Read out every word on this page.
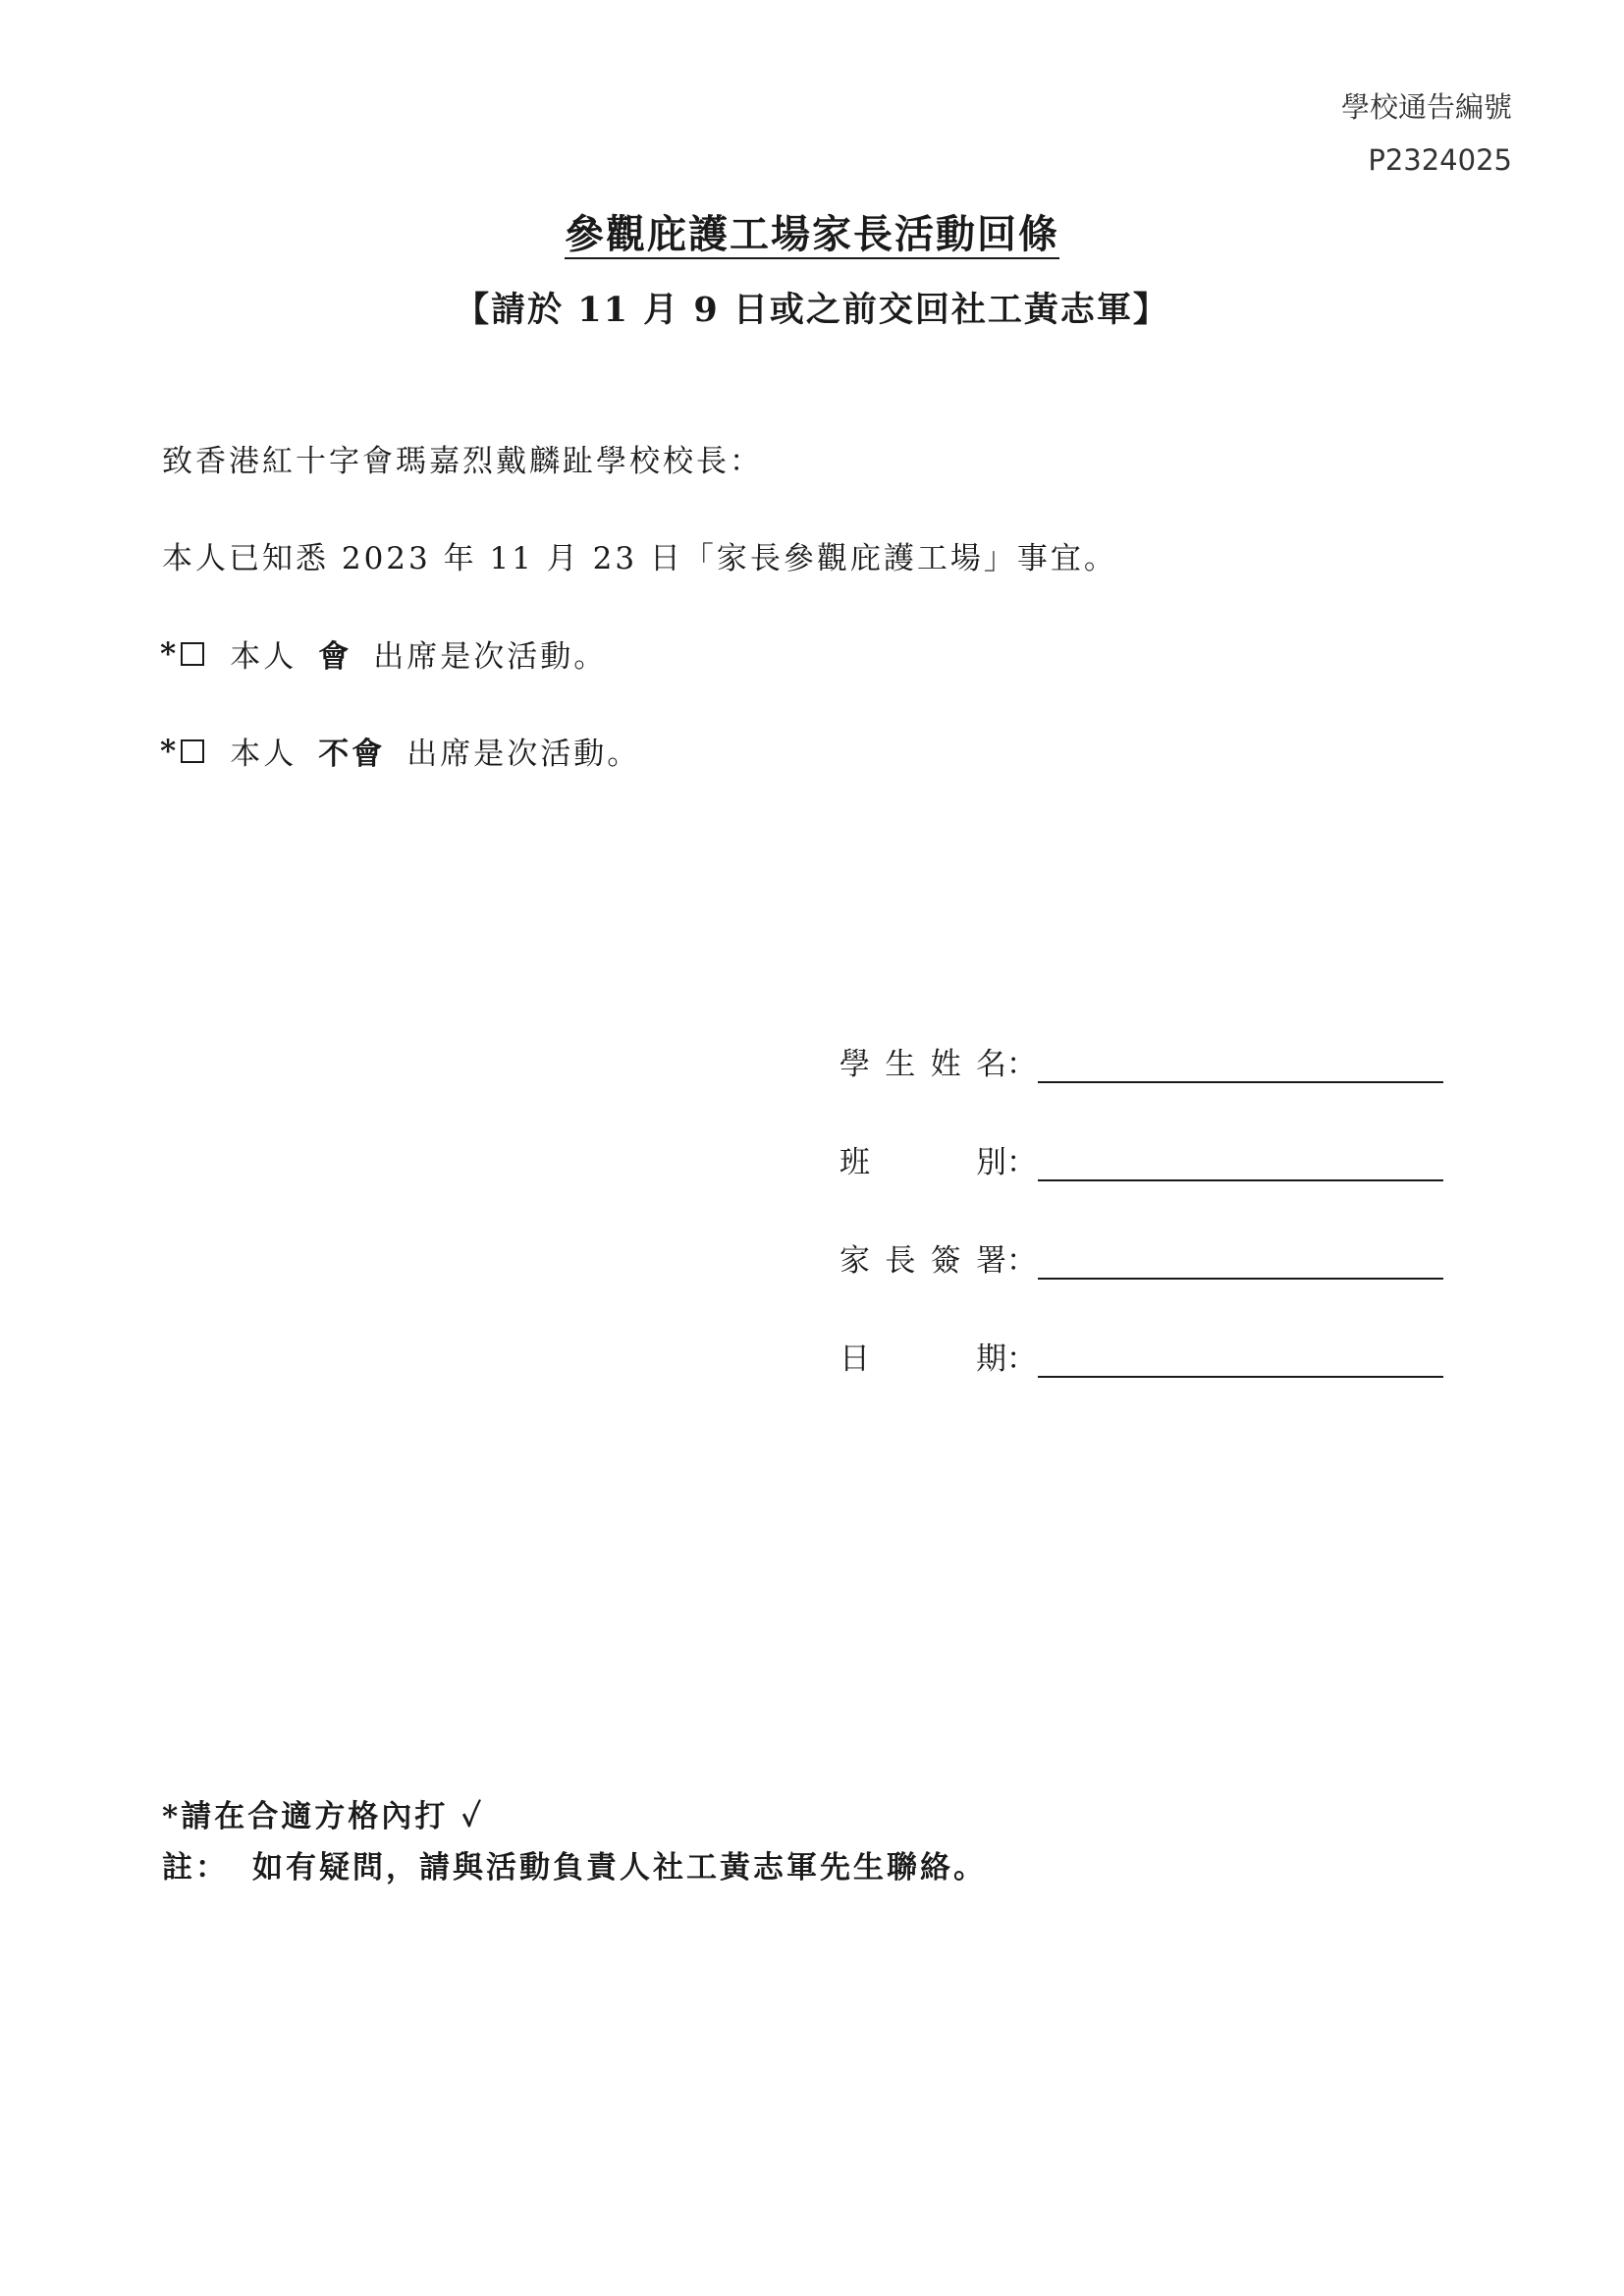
學校通告編號
P2324025
參觀庇護工場家長活動回條
【請於 11 月 9 日或之前交回社工黃志軍】
致香港紅十字會瑪嘉烈戴麟趾學校校長：
本人已知悉 2023 年 11 月 23 日「家長參觀庇護工場」事宜。
* 本人 會 出席是次活動。
* 本人 不會 出席是次活動。
學生姓名 ：
班別 ：
家長簽署 ：
日期 ：
*請在合適方格內打 ✓
註： 如有疑問，請與活動負責人社工黃志軍先生聯絡。
